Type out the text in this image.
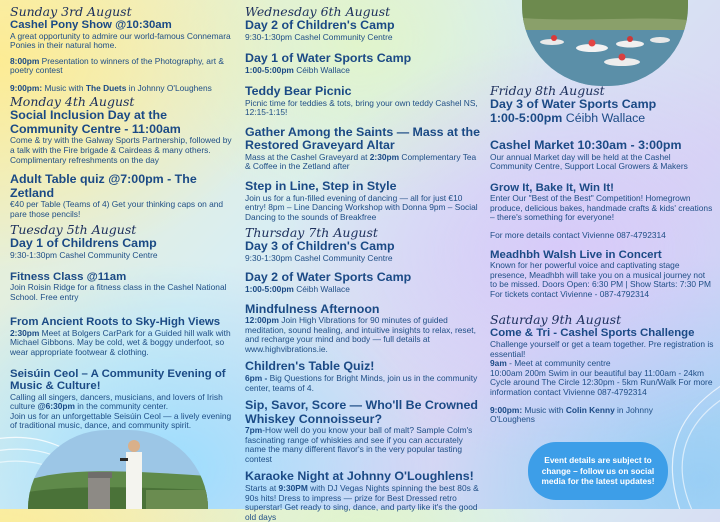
Sunday 3rd August

Cashel Pony Show @10:30am

A great opportunity to admire our world-famous Connemara Ponies in their natural home.

8:00pm Presentation to winners of the Photography, art & poetry contest

9:00pm: Music with The Duets in Johnny O'Loughens

Monday 4th August

Social Inclusion Day at the Community Centre - 11:00am

Come & try with the Galway Sports Partnership, followed by a talk with the Fire brigade & Cairdeas & many others. Complimentary refreshments on the day

Adult Table quiz @7:00pm - The Zetland

€40 per Table (Teams of 4) Get your thinking caps on and pare those pencils!

Tuesday 5th August

Day 1 of Childrens Camp

9:30-1:30pm Cashel Community Centre

Fitness Class @11am

Join Roisin Ridge for a fitness class in the Cashel National School. Free entry

From Ancient Roots to Sky-High Views

2:30pm Meet at Bolgers CarPark for a Guided hill walk with Michael Gibbons. May be cold, wet & boggy underfoot, so wear appropriate footwear & clothing.

Seisúin Ceol – A Community Evening of Music & Culture!

Calling all singers, dancers, musicians, and lovers of Irish culture @6:30pm in the community center.

Join us for an unforgettable Seisúin Ceol — a lively evening of traditional music, dance, and community spirit.

Wednesday 6th August

Day 2 of Children's Camp

9:30-1:30pm Cashel Community Centre

Day 1 of Water Sports Camp

1:00-5:00pm Céibh Wallace

Teddy Bear Picnic

Picnic time for teddies & tots, bring your own teddy Cashel NS, 12:15-1:15!

Gather Among the Saints — Mass at the Restored Graveyard Altar

Mass at the Cashel Graveyard at 2:30pm Complementary Tea & Coffee in the Zetland after

Step in Line, Step in Style

Join us for a fun-filled evening of dancing — all for just €10 entry! 8pm – Line Dancing Workshop with Donna 9pm – Social Dancing to the sounds of Breakfree

Thursday 7th August

Day 3 of Children's Camp

9:30-1:30pm Cashel Community Centre

Day 2 of Water Sports Camp

1:00-5:00pm Céibh Wallace

Mindfulness Afternoon

12:00pm Join High Vibrations for 90 minutes of guided meditation, sound healing, and intuitive insights to relax, reset, and recharge your mind and body — full details at www.highvibrations.ie.

Children's Table Quiz!

6pm - Big Questions for Bright Minds, join us in the community center, teams of 4.

Sip, Savor, Score — Who'll Be Crowned Whiskey Connoisseur?

7pm-How well do you know your ball of malt? Sample Colm's fascinating range of whiskies and see if you can accurately name the many different flavor's in the very popular tasting contest

Karaoke Night at Johnny O'Loughlens!

Starts at 9:30PM with DJ Vegas Nights spinning the best 80s & 90s hits! Dress to impress — prize for Best Dressed retro superstar! Get ready to sing, dance, and party like it's the good old days

Friday 8th August

Day 3 of Water Sports Camp

1:00-5:00pm Céibh Wallace

Cashel Market 10:30am - 3:00pm

Our annual Market day will be held at the Cashel Community Centre, Support Local Growers & Makers

Grow It, Bake It, Win It!

Enter Our "Best of the Best" Competition! Homegrown produce, delicious bakes, handmade crafts & kids' creations – there's something for everyone!

For more details contact Vivienne 087-4792314

Meadhbh Walsh Live in Concert

Known for her powerful voice and captivating stage presence, Meadhbh will take you on a musical journey not to be missed. Doors Open: 6:30 PM | Show Starts: 7:30 PM For tickets contact Vivienne - 087-4792314

Saturday 9th August

Come & Tri - Cashel Sports Challenge

Challenge yourself or get a team together. Pre registration is essential!

9am - Meet at community centre

10:00am 200m Swim in our beautiful bay 11:00am - 24km Cycle around The Circle 12:30pm - 5km Run/Walk For more information contact Vivienne 087-4792314

9:00pm: Music with Colin Kenny in Johnny O'Loughens

Event details are subject to change – follow us on social media for the latest updates!
